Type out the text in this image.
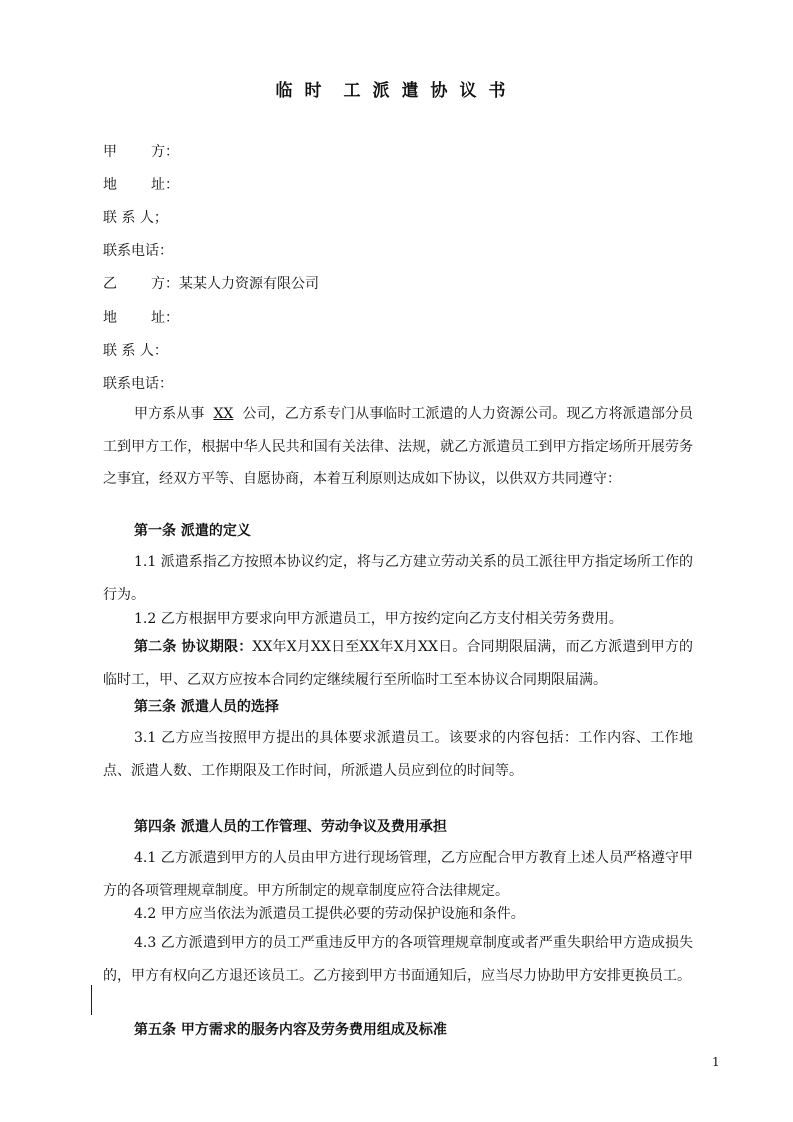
临时 工派遣协议书
甲 方：
地 址：
联 系 人；
联系电话：
乙 方：某某人力资源有限公司
地 址：
联 系 人：
联系电话：
甲方系从事 XX 公司，乙方系专门从事临时工派遣的人力资源公司。现乙方将派遣部分员工到甲方工作，根据中华人民共和国有关法律、法规，就乙方派遣员工到甲方指定场所开展劳务之事宜，经双方平等、自愿协商，本着互利原则达成如下协议，以供双方共同遵守：
第一条 派遣的定义
1.1 派遣系指乙方按照本协议约定，将与乙方建立劳动关系的员工派往甲方指定场所工作的行为。
1.2 乙方根据甲方要求向甲方派遣员工，甲方按约定向乙方支付相关劳务费用。
第二条 协议期限：XX年X月XX日至XX年X月XX日。合同期限届满，而乙方派遣到甲方的临时工，甲、乙双方应按本合同约定继续履行至所临时工至本协议合同期限届满。
第三条 派遣人员的选择
3.1 乙方应当按照甲方提出的具体要求派遣员工。该要求的内容包括：工作内容、工作地点、派遣人数、工作期限及工作时间，所派遣人员应到位的时间等。
第四条 派遣人员的工作管理、劳动争议及费用承担
4.1 乙方派遣到甲方的人员由甲方进行现场管理，乙方应配合甲方教育上述人员严格遵守甲方的各项管理规章制度。甲方所制定的规章制度应符合法律规定。
4.2 甲方应当依法为派遣员工提供必要的劳动保护设施和条件。
4.3 乙方派遣到甲方的员工严重违反甲方的各项管理规章制度或者严重失职给甲方造成损失的，甲方有权向乙方退还该员工。乙方接到甲方书面通知后，应当尽力协助甲方安排更换员工。
第五条 甲方需求的服务内容及劳务费用组成及标准
1
